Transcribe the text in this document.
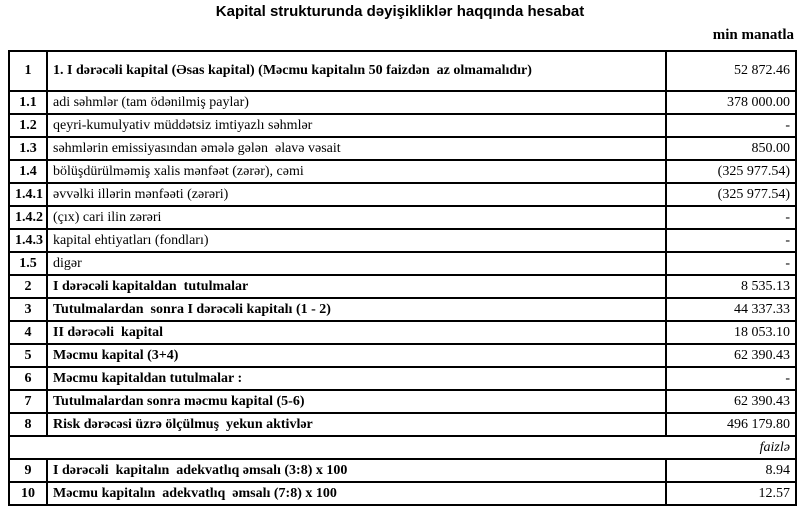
Kapital strukturunda dəyişikliklər haqqında hesabat
min manatla
1	1. I dərəcəli kapital (Əsas kapital) (Məcmu kapitalın 50 faizdən  az olmamalıdır)	52 872.46
1.1	adi səhmlər (tam ödənilmiş paylar)	378 000.00
1.2	qeyri-kumulyativ müddətsiz imtiyazlı səhmlər	-
1.3	səhmlərin emissiyasından əmələ gələn  əlavə vəsait	850.00
1.4	bölüşdürülməmiş xalis mənfəət (zərər), cəmi	(325 977.54)
1.4.1	əvvəlki illərin mənfəəti (zərəri)	(325 977.54)
1.4.2	(çıx) cari ilin zərəri	-
1.4.3	kapital ehtiyatları (fondları)	-
1.5	digər	-
2	I dərəcəli kapitaldan  tutulmalar	8 535.13
3	Tutulmalardan  sonra I dərəcəli kapitalı (1 - 2)	44 337.33
4	II dərəcəli  kapital	18 053.10
5	Məcmu kapital (3+4)	62 390.43
6	Məcmu kapitaldan tutulmalar :	-
7	Tutulmalardan sonra məcmu kapital (5-6)	62 390.43
8	Risk dərəcəsi üzrə ölçülmuş  yekun aktivlər	496 179.80
faizlə		
9	I dərəcəli  kapitalın  adekvatlıq əmsalı (3:8) x 100	8.94
10	Məcmu kapitalın  adekvatlıq  əmsalı (7:8) x 100	12.57
